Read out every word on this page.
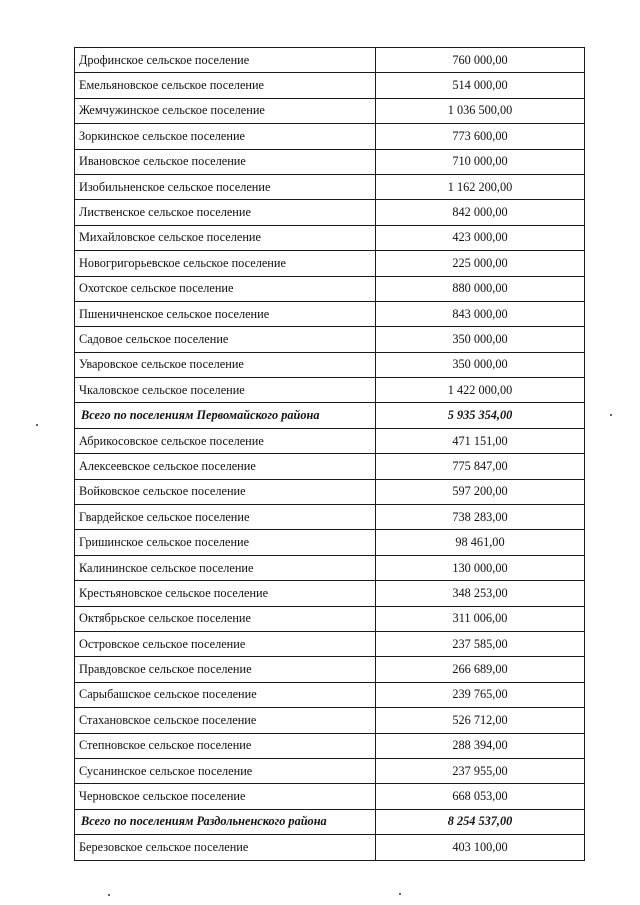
Дрофинское сельское поселение	760 000,00
Емельяновское сельское поселение	514 000,00
Жемчужинское сельское поселение	1 036 500,00
Зоркинское сельское поселение	773 600,00
Ивановское сельское поселение	710 000,00
Изобильненское сельское поселение	1 162 200,00
Лиственское сельское поселение	842 000,00
Михайловское сельское поселение	423 000,00
Новогригорьевское сельское поселение	225 000,00
Охотское сельское поселение	880 000,00
Пшеничненское сельское поселение	843 000,00
Садовое сельское поселение	350 000,00
Уваровское сельское поселение	350 000,00
Чкаловское сельское поселение	1 422 000,00
Всего по поселениям Первомайского района	5 935 354,00
Абрикосовское сельское поселение	471 151,00
Алексеевское сельское поселение	775 847,00
Войковское сельское поселение	597 200,00
Гвардейское сельское поселение	738 283,00
Гришинское сельское поселение	98 461,00
Калининское сельское поселение	130 000,00
Крестьяновское сельское поселение	348 253,00
Октябрьское сельское поселение	311 006,00
Островское сельское поселение	237 585,00
Правдовское сельское поселение	266 689,00
Сарыбашское сельское поселение	239 765,00
Стахановское сельское поселение	526 712,00
Степновское сельское поселение	288 394,00
Сусанинское сельское поселение	237 955,00
Черновское сельское поселение	668 053,00
Всего по поселениям Раздольненского района	8 254 537,00
Березовское сельское поселение	403 100,00
